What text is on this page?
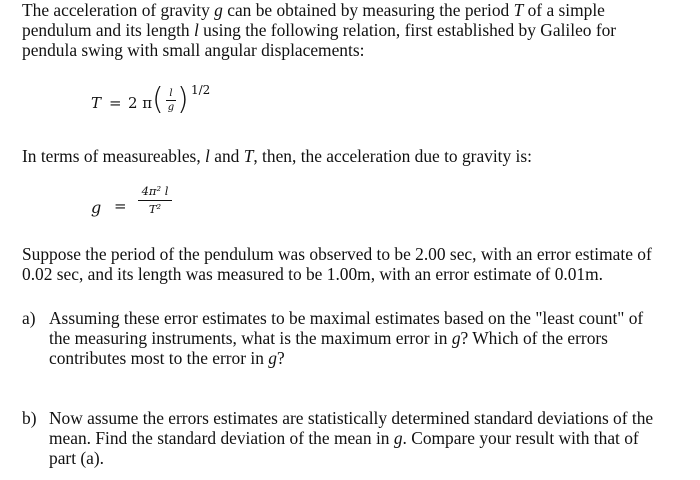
The acceleration of gravity g can be obtained by measuring the period T of a simple
pendulum and its length l using the following relation, first established by Galileo for
pendula swing with small angular displacements:
T = 2 π ( l
g ) 1/2
In terms of measureables, l and T, then, the acceleration due to gravity is:
g =
4π² l
T²
Suppose the period of the pendulum was observed to be 2.00 sec, with an error estimate of
0.02 sec, and its length was measured to be 1.00m, with an error estimate of 0.01m.
a) Assuming these error estimates to be maximal estimates based on the "least count" of
the measuring instruments, what is the maximum error in g? Which of the errors
contributes most to the error in g?
b) Now assume the errors estimates are statistically determined standard deviations of the
mean. Find the standard deviation of the mean in g. Compare your result with that of
part (a).
